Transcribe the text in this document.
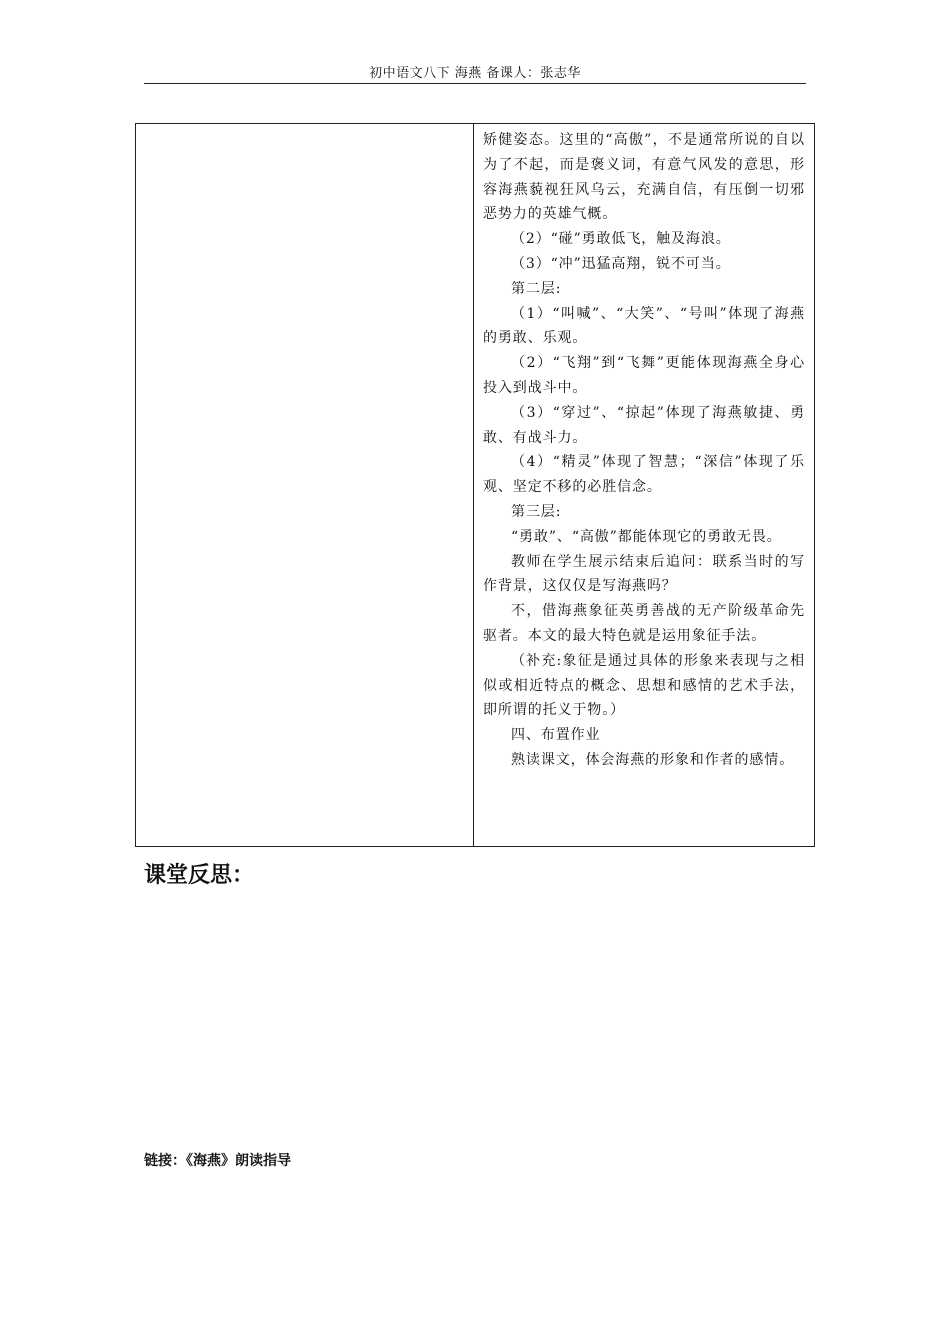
初中语文八下 海燕 备课人：张志华

矫健姿态。这里的“高傲”，不是通常所说的自以为了不起，而是褒义词，有意气风发的意思，形容海燕藐视狂风乌云，充满自信，有压倒一切邪恶势力的英雄气概。

（2）“碰”勇敢低飞，触及海浪。

（3）“冲”迅猛高翔，锐不可当。

第二层:

（1）“叫喊”、“大笑”、“号叫”体现了海燕的勇敢、乐观。

（2）“飞翔”到“飞舞”更能体现海燕全身心投入到战斗中。

（3）“穿过”、“掠起”体现了海燕敏捷、勇敢、有战斗力。

（4）“精灵”体现了智慧；“深信”体现了乐观、坚定不移的必胜信念。

第三层:

“勇敢”、“高傲”都能体现它的勇敢无畏。

教师在学生展示结束后追问：联系当时的写作背景，这仅仅是写海燕吗？

不，借海燕象征英勇善战的无产阶级革命先驱者。本文的最大特色就是运用象征手法。

（补充:象征是通过具体的形象来表现与之相似或相近特点的概念、思想和感情的艺术手法，即所谓的托义于物。）

四、布置作业

熟读课文，体会海燕的形象和作者的感情。

课堂反思：
链接：《海燕》朗读指导
